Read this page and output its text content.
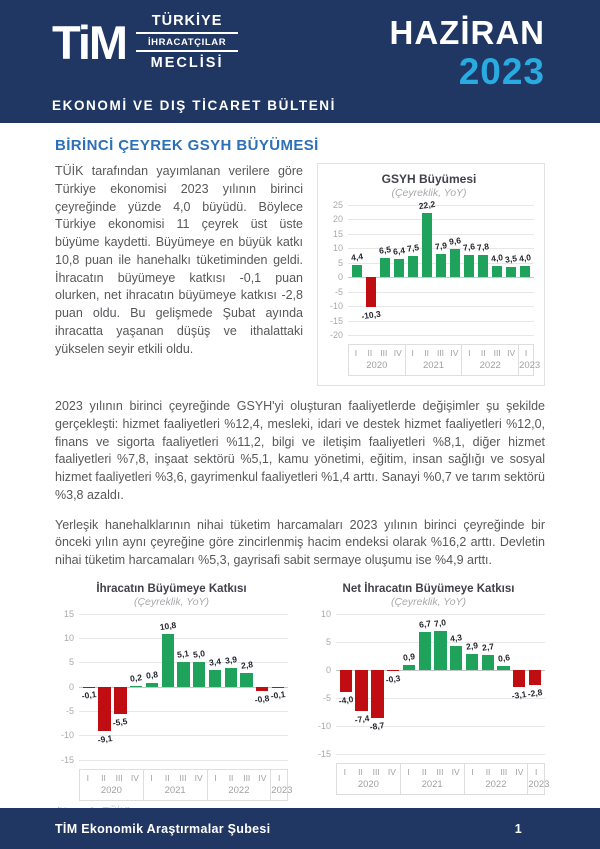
TiM	TÜRKİYE
İHRACATÇILAR
MECLİSİ
EKONOMİ VE DIŞ TİCARET BÜLTENİ
HAZİRAN
2023
BİRİNCİ ÇEYREK GSYH BÜYÜMESİ

TÜİK tarafından yayımlanan verilere göre Türkiye ekonomisi 2023 yılının birinci çeyreğinde yüzde 4,0 büyüdü. Böylece Türkiye ekonomisi 11 çeyrek üst üste büyüme kaydetti. Büyümeye en büyük katkı 10,8 puan ile hanehalkı tüketiminden geldi. İhracatın büyümeye katkısı -0,1 puan olurken, net ihracatın büyümeye katkısı -2,8 puan oldu. Bu gelişmede Şubat ayında ihracatta yaşanan düşüş ve ithalattaki yükselen seyir etkili oldu.

GSYH Büyümesi
(Çeyreklik, YoY)
25
20
15
10
5
0
-5
-10
-15
-20
4,4
-10,3
6,5 6,4 7,5
22,2
7,9 9,6
7,6 7,8
4,0 3,5 4,0
I	II III IV
2020
I	II III IV
2021
I	II III IV
2022
I
2023

2023 yılının birinci çeyreğinde GSYH'yi oluşturan faaliyetlerde değişimler şu şekilde gerçekleşti: hizmet faaliyetleri %12,4, mesleki, idari ve destek hizmet faaliyetleri %12,0, finans ve sigorta faaliyetleri %11,2, bilgi ve iletişim faaliyetleri %8,1, diğer hizmet faaliyetleri %7,8, inşaat sektörü %5,1, kamu yönetimi, eğitim, insan sağlığı ve sosyal hizmet faaliyetleri %3,6, gayrimenkul faaliyetleri %1,4 arttı. Sanayi %0,7 ve tarım sektörü %3,8 azaldı.

Yerleşik hanehalklarının nihai tüketim harcamaları 2023 yılının birinci çeyreğinde bir önceki yılın aynı çeyreğine göre zincirlenmiş hacim endeksi olarak %16,2 arttı. Devletin nihai tüketim harcamaları %5,3, gayrisafi sabit sermaye oluşumu ise %4,9 arttı.

İhracatın Büyümeye Katkısı
(Çeyreklik, YoY)
15
10
5
0
-5
-10
-15
-0,1
-9,1
-5,5
0,2 0,8
10,8
5,1 5,0
3,4 3,9 2,8
-0,8 -0,1
I	II	III IV
2020
I	II	III IV
2021
I	II	III IV
2022
I
2023
Net İhracatın Büyümeye Katkısı
(Çeyreklik, YoY)
10
5
0
-5
-10
-15
-4,0
-7,4
-8,7
-0,3
0,9
6,7 7,0
4,3
2,9 2,7
0,6
-3,1 -2,8
I	II	III IV
2020
I	II	III IV
2021
I	II	III IV
2022
I
2023
TİM Ekonomik Araştırmalar Şubesi	1
